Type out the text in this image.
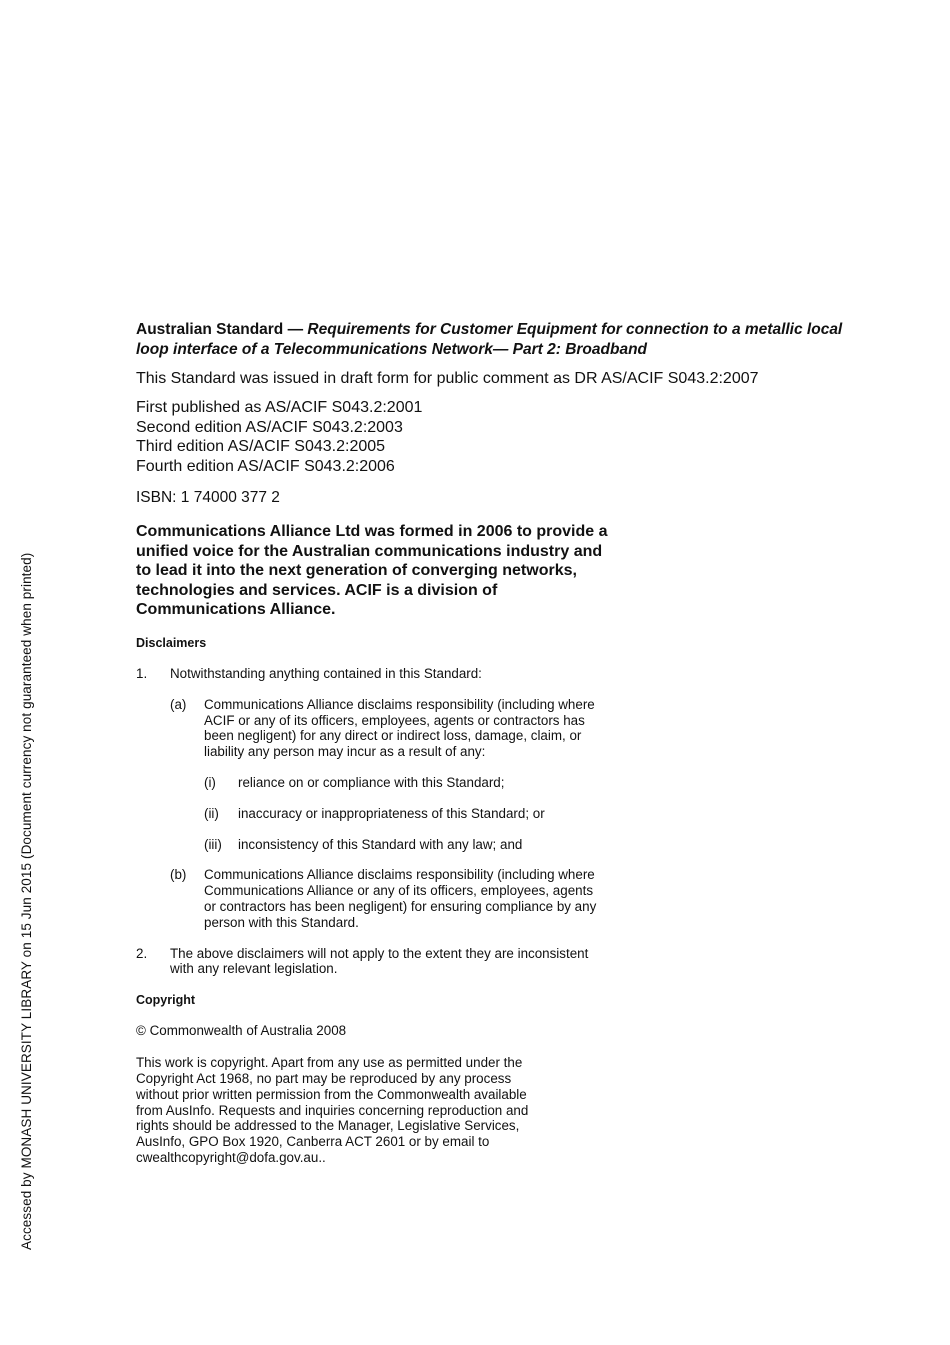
Accessed by MONASH UNIVERSITY LIBRARY on 15 Jun 2015 (Document currency not guaranteed when printed)
Australian Standard — Requirements for Customer Equipment for connection to a metallic local loop interface of a Telecommunications Network— Part 2: Broadband
This Standard was issued in draft form for public comment as DR AS/ACIF S043.2:2007
First published as AS/ACIF S043.2:2001
Second edition AS/ACIF S043.2:2003
Third edition AS/ACIF S043.2:2005
Fourth edition AS/ACIF S043.2:2006
ISBN: 1 74000 377 2
Communications Alliance Ltd was formed in 2006 to provide a unified voice for the Australian communications industry and to lead it into the next generation of converging networks, technologies and services. ACIF is a division of Communications Alliance.
Disclaimers
1. Notwithstanding anything contained in this Standard:
(a) Communications Alliance disclaims responsibility (including where ACIF or any of its officers, employees, agents or contractors has been negligent) for any direct or indirect loss, damage, claim, or liability any person may incur as a result of any:
(i) reliance on or compliance with this Standard;
(ii) inaccuracy or inappropriateness of this Standard; or
(iii) inconsistency of this Standard with any law; and
(b) Communications Alliance disclaims responsibility (including where Communications Alliance or any of its officers, employees, agents or contractors has been negligent) for ensuring compliance by any person with this Standard.
2. The above disclaimers will not apply to the extent they are inconsistent with any relevant legislation.
Copyright
© Commonwealth of Australia 2008
This work is copyright. Apart from any use as permitted under the Copyright Act 1968, no part may be reproduced by any process without prior written permission from the Commonwealth available from AusInfo. Requests and inquiries concerning reproduction and rights should be addressed to the Manager, Legislative Services, AusInfo, GPO Box 1920, Canberra ACT 2601 or by email to cwealthcopyright@dofa.gov.au..
